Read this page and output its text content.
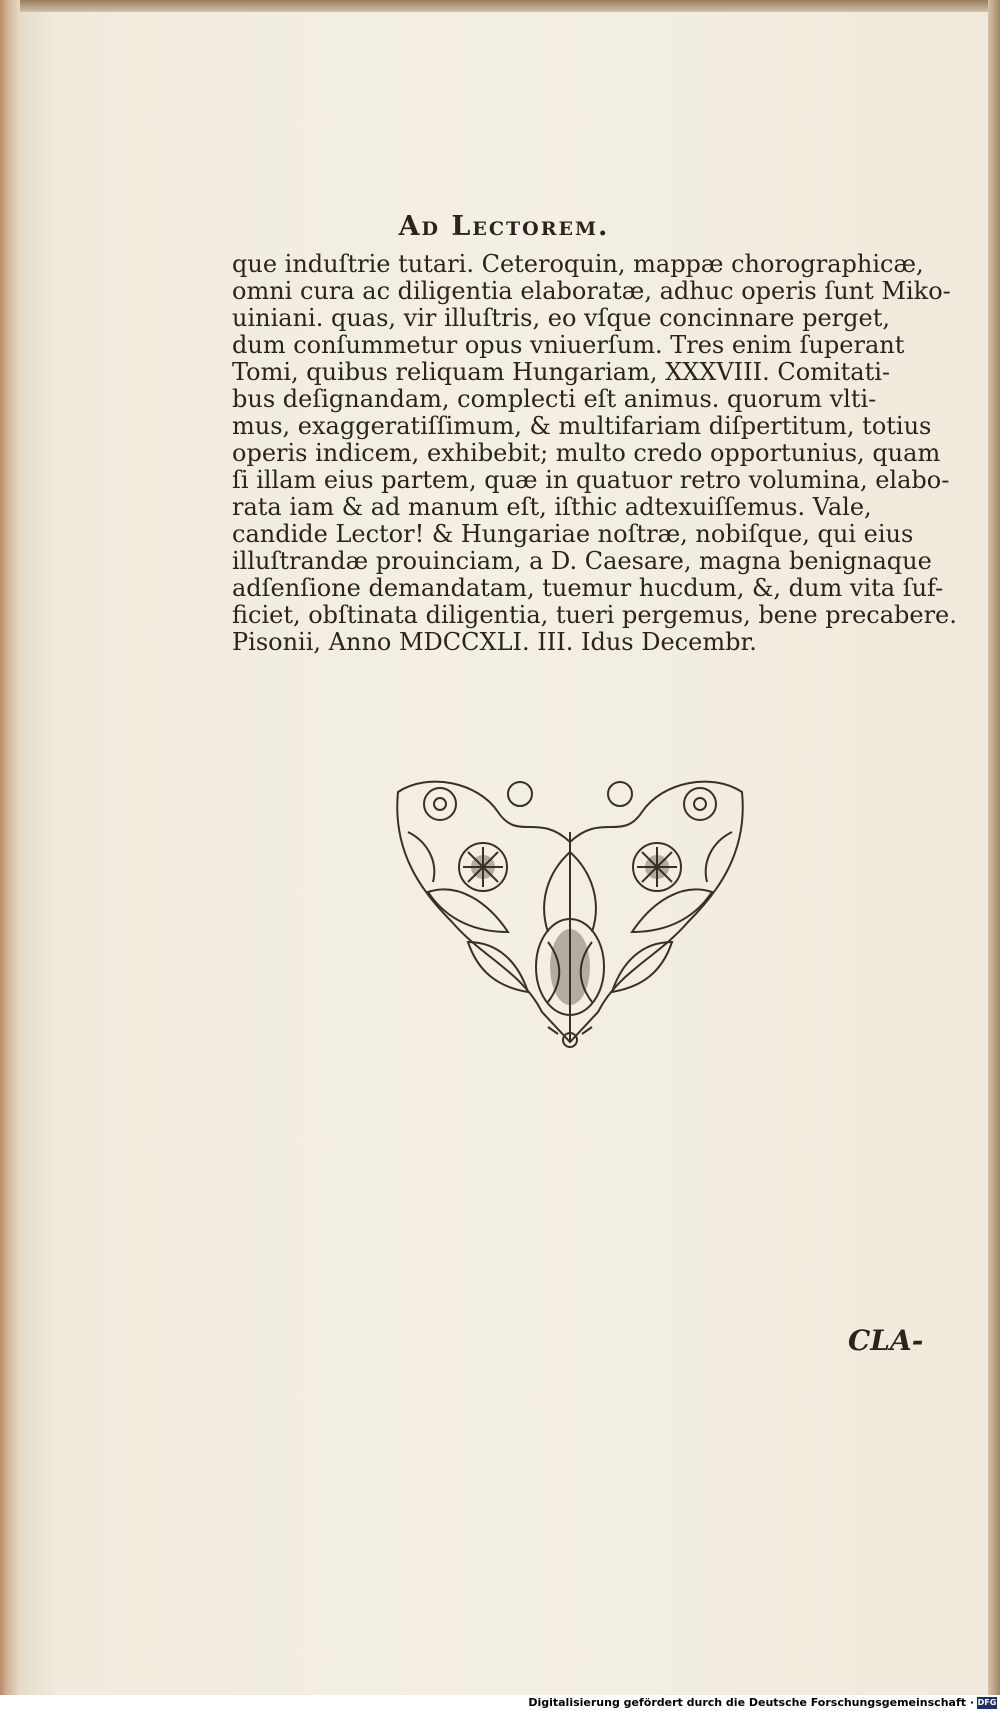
Ad Lectorem.
que induſtrie tutari. Ceteroquin, mappæ chorographicæ,
omni cura ac diligentia elaboratæ, adhuc operis ſunt Miko-
uiniani. quas, vir illuſtris, eo vſque concinnare perget,
dum conſummetur opus vniuerſum. Tres enim ſuperant
Tomi, quibus reliquam Hungariam, XXXVIII. Comitati-
bus deſignandam, complecti eſt animus. quorum vlti-
mus, exaggeratiſſimum, & multifariam diſpertitum, totius
operis indicem, exhibebit; multo credo opportunius, quam
ſi illam eius partem, quæ in quatuor retro volumina, elabo-
rata iam & ad manum eſt, iſthic adtexuiſſemus. Vale,
candide Lector! & Hungariae noſtræ, nobiſque, qui eius
illuſtrandæ prouinciam, a D. Caesare, magna benignaque
adſenſione demandatam, tuemur hucdum, &, dum vita ſuf-
ficiet, obſtinata diligentia, tueri pergemus, bene precabere.
Pisonii, Anno MDCCXLI. III. Idus Decembr.
CLA-
Digitalisierung gefördert durch die Deutsche Forschungsgemeinschaft · DFG
